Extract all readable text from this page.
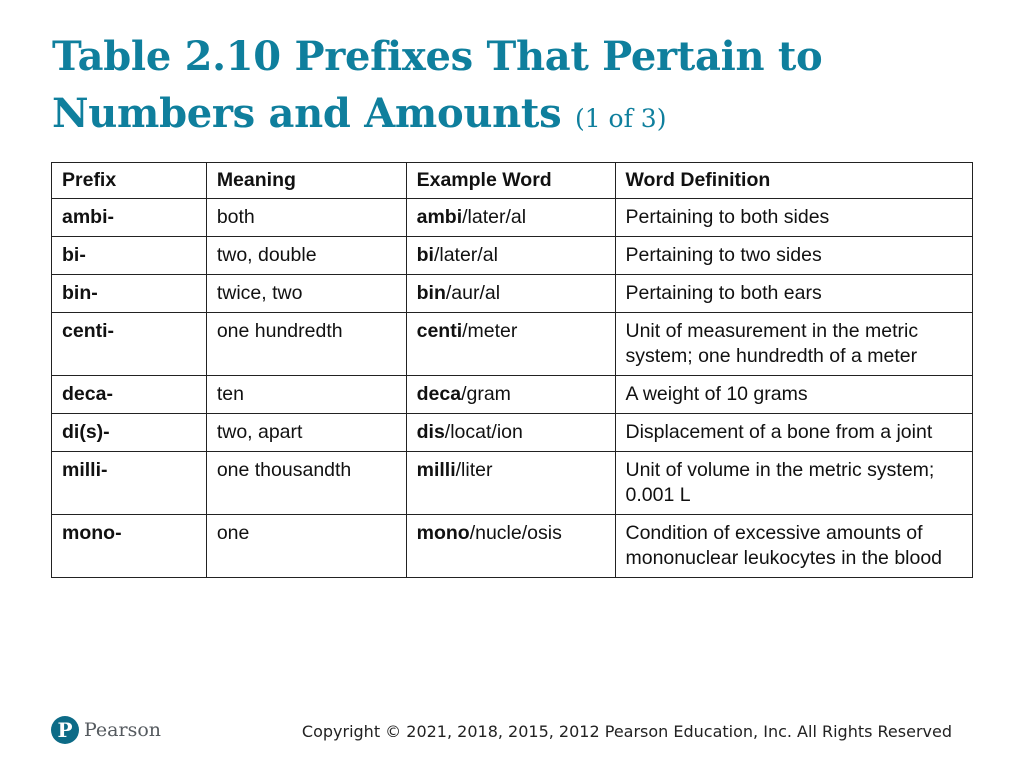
Table 2.10 Prefixes That Pertain to Numbers and Amounts (1 of 3)
Prefix	Meaning	Example Word	Word Definition
ambi-	both	ambi/later/al	Pertaining to both sides
bi-	two, double	bi/later/al	Pertaining to two sides
bin-	twice, two	bin/aur/al	Pertaining to both ears
centi-	one hundredth	centi/meter	Unit of measurement in the metric system; one hundredth of a meter
deca-	ten	deca/gram	A weight of 10 grams
di(s)-	two, apart	dis/locat/ion	Displacement of a bone from a joint
milli-	one thousandth	milli/liter	Unit of volume in the metric system; 0.001 L
mono-	one	mono/nucle/osis	Condition of excessive amounts of mononuclear leukocytes in the blood
P Pearson	Copyright © 2021, 2018, 2015, 2012 Pearson Education, Inc. All Rights Reserved
